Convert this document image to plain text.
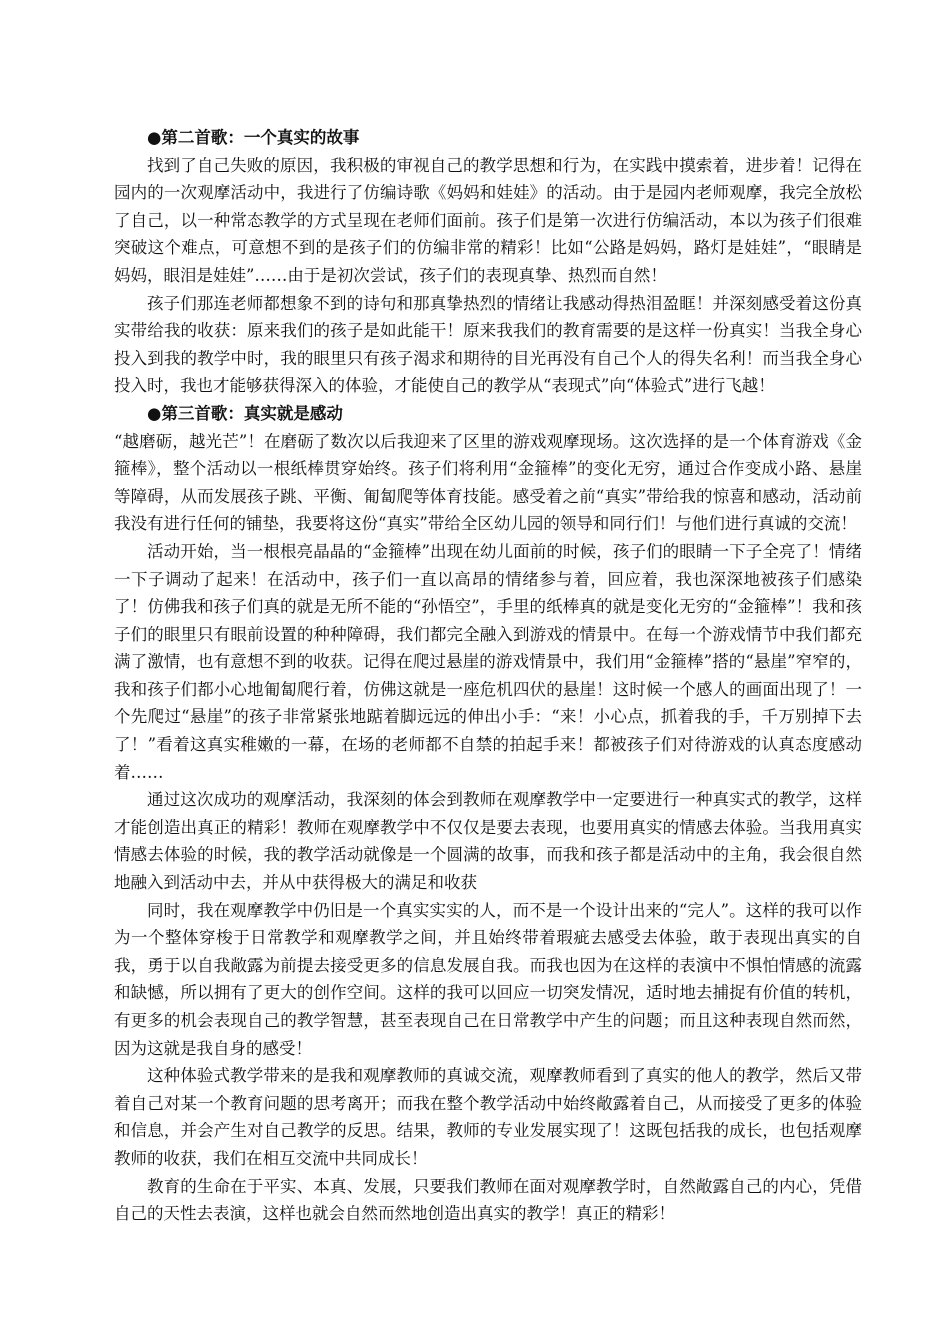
●第二首歌：一个真实的故事

找到了自己失败的原因，我积极的审视自己的教学思想和行为，在实践中摸索着，进步着！记得在园内的一次观摩活动中，我进行了仿编诗歌《妈妈和娃娃》的活动。由于是园内老师观摩，我完全放松了自己，以一种常态教学的方式呈现在老师们面前。孩子们是第一次进行仿编活动，本以为孩子们很难突破这个难点，可意想不到的是孩子们的仿编非常的精彩！比如“公路是妈妈，路灯是娃娃”，“眼睛是妈妈，眼泪是娃娃”……由于是初次尝试，孩子们的表现真挚、热烈而自然！

孩子们那连老师都想象不到的诗句和那真挚热烈的情绪让我感动得热泪盈眶！并深刻感受着这份真实带给我的收获：原来我们的孩子是如此能干！原来我我们的教育需要的是这样一份真实！当我全身心投入到我的教学中时，我的眼里只有孩子渴求和期待的目光再没有自己个人的得失名利！而当我全身心投入时，我也才能够获得深入的体验，才能使自己的教学从“表现式”向“体验式”进行飞越！

●第三首歌：真实就是感动

“越磨砺，越光芒”！在磨砺了数次以后我迎来了区里的游戏观摩现场。这次选择的是一个体育游戏《金箍棒》，整个活动以一根纸棒贯穿始终。孩子们将利用“金箍棒”的变化无穷，通过合作变成小路、悬崖等障碍，从而发展孩子跳、平衡、匍匐爬等体育技能。感受着之前“真实”带给我的惊喜和感动，活动前我没有进行任何的铺垫，我要将这份“真实”带给全区幼儿园的领导和同行们！与他们进行真诚的交流！

活动开始，当一根根亮晶晶的“金箍棒”出现在幼儿面前的时候，孩子们的眼睛一下子全亮了！情绪一下子调动了起来！在活动中，孩子们一直以高昂的情绪参与着，回应着，我也深深地被孩子们感染了！仿佛我和孩子们真的就是无所不能的“孙悟空”，手里的纸棒真的就是变化无穷的“金箍棒”！我和孩子们的眼里只有眼前设置的种种障碍，我们都完全融入到游戏的情景中。在每一个游戏情节中我们都充满了激情，也有意想不到的收获。记得在爬过悬崖的游戏情景中，我们用“金箍棒”搭的“悬崖”窄窄的，我和孩子们都小心地匍匐爬行着，仿佛这就是一座危机四伏的悬崖！这时候一个感人的画面出现了！一个先爬过“悬崖”的孩子非常紧张地踮着脚远远的伸出小手：“来！小心点，抓着我的手，千万别掉下去了！”看着这真实稚嫩的一幕，在场的老师都不自禁的拍起手来！都被孩子们对待游戏的认真态度感动着……

通过这次成功的观摩活动，我深刻的体会到教师在观摩教学中一定要进行一种真实式的教学，这样才能创造出真正的精彩！教师在观摩教学中不仅仅是要去表现，也要用真实的情感去体验。当我用真实情感去体验的时候，我的教学活动就像是一个圆满的故事，而我和孩子都是活动中的主角，我会很自然地融入到活动中去，并从中获得极大的满足和收获

同时，我在观摩教学中仍旧是一个真实实实的人，而不是一个设计出来的“完人”。这样的我可以作为一个整体穿梭于日常教学和观摩教学之间，并且始终带着瑕疵去感受去体验，敢于表现出真实的自我，勇于以自我敞露为前提去接受更多的信息发展自我。而我也因为在这样的表演中不惧怕情感的流露和缺憾，所以拥有了更大的创作空间。这样的我可以回应一切突发情况，适时地去捕捉有价值的转机，有更多的机会表现自己的教学智慧，甚至表现自己在日常教学中产生的问题；而且这种表现自然而然，因为这就是我自身的感受！

这种体验式教学带来的是我和观摩教师的真诚交流，观摩教师看到了真实的他人的教学，然后又带着自己对某一个教育问题的思考离开；而我在整个教学活动中始终敞露着自己，从而接受了更多的体验和信息，并会产生对自己教学的反思。结果，教师的专业发展实现了！这既包括我的成长，也包括观摩教师的收获，我们在相互交流中共同成长！

教育的生命在于平实、本真、发展，只要我们教师在面对观摩教学时，自然敞露自己的内心，凭借自己的天性去表演，这样也就会自然而然地创造出真实的教学！真正的精彩！
